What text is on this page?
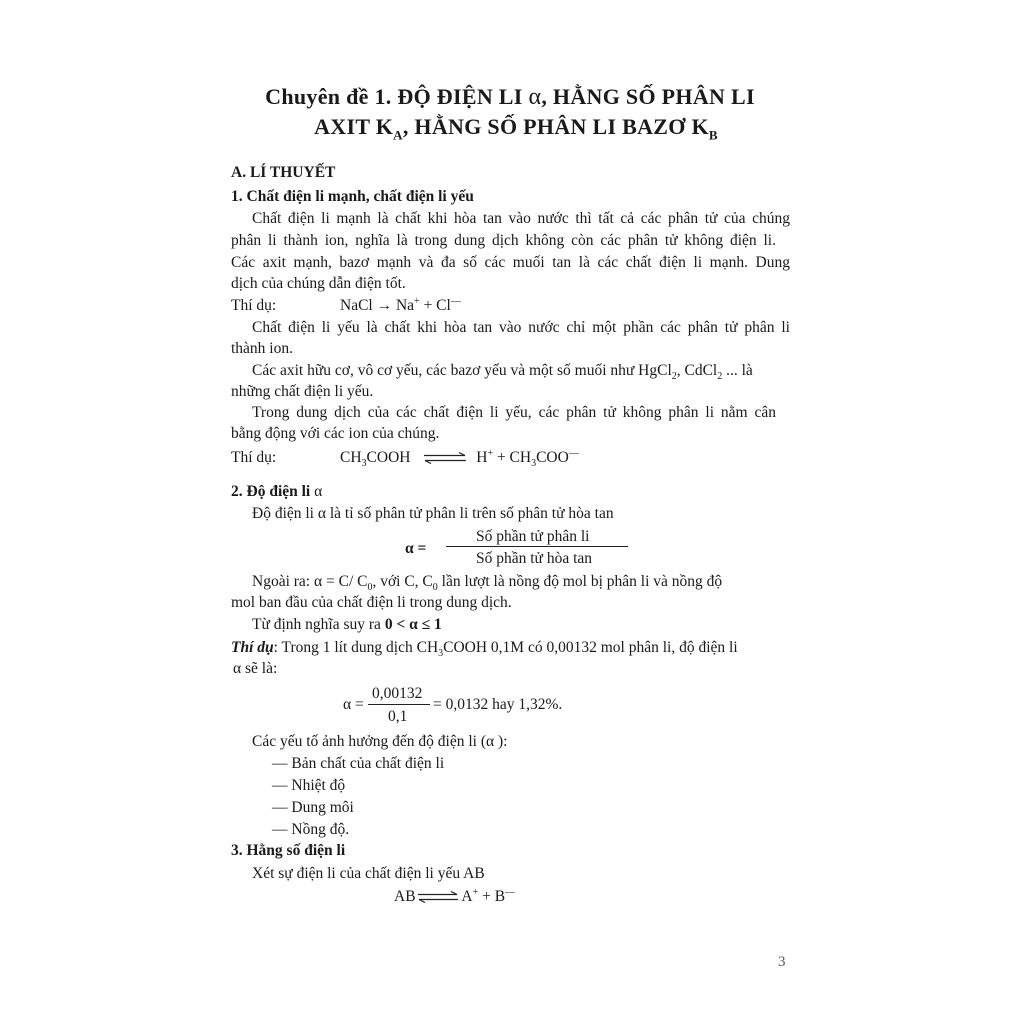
Chuyên đề 1. ĐỘ ĐIỆN LI α, HẰNG SỐ PHÂN LI
AXIT $K_A$, HẰNG SỐ PHÂN LI BAZƠ $K_B$
A. LÍ THUYẾT
1. Chất điện li mạnh, chất điện li yếu
Chất điện li mạnh là chất khi hòa tan vào nước thì tất cả các phân tử của chúng
phân li thành ion, nghĩa là trong dung dịch không còn các phân tử không điện li.
Các axit mạnh, bazơ mạnh và đa số các muối tan là các chất điện li mạnh. Dung
dịch của chúng dẫn điện tốt.
Thí dụ:	NaCl → Na+ + Cl—
Chất điện li yếu là chất khi hòa tan vào nước chỉ một phần các phân tử phân li
thành ion.
Các axit hữu cơ, vô cơ yếu, các bazơ yếu và một số muối như HgCl$_2$, CdCl$_2$ ... là
những chất điện li yếu.
Trong dung dịch của các chất điện li yếu, các phân tử không phân li nằm cân
bằng động với các ion của chúng.
Thí dụ:	$CH_3COOH$ ⇌ $H^+ + CH_3COO^—$
2. Độ điện li α
Độ điện li α là tỉ số phân tử phân li trên số phân tử hòa tan
α =
Số phần tử phân li
Số phần tử hòa tan
Ngoài ra: α = C/ $C_0$, với C, $C_0$ lần lượt là nồng độ mol bị phân li và nồng độ
mol ban đầu của chất điện li trong dung dịch.
Từ định nghĩa suy ra 0 < α ≤ 1
Thí dụ: Trong 1 lít dung dịch $CH_3COOH$ 0,1M có 0,00132 mol phân li, độ điện li
α sẽ là:
α =
0,00132
0,1
= 0,0132 hay 1,32%.
Các yếu tố ảnh hưởng đến độ điện li (α ):
— Bản chất của chất điện li
— Nhiệt độ
— Dung môi
— Nồng độ.
3. Hằng số điện li
Xét sự điện li của chất điện li yếu AB
AB⇌A+ + B—
3
